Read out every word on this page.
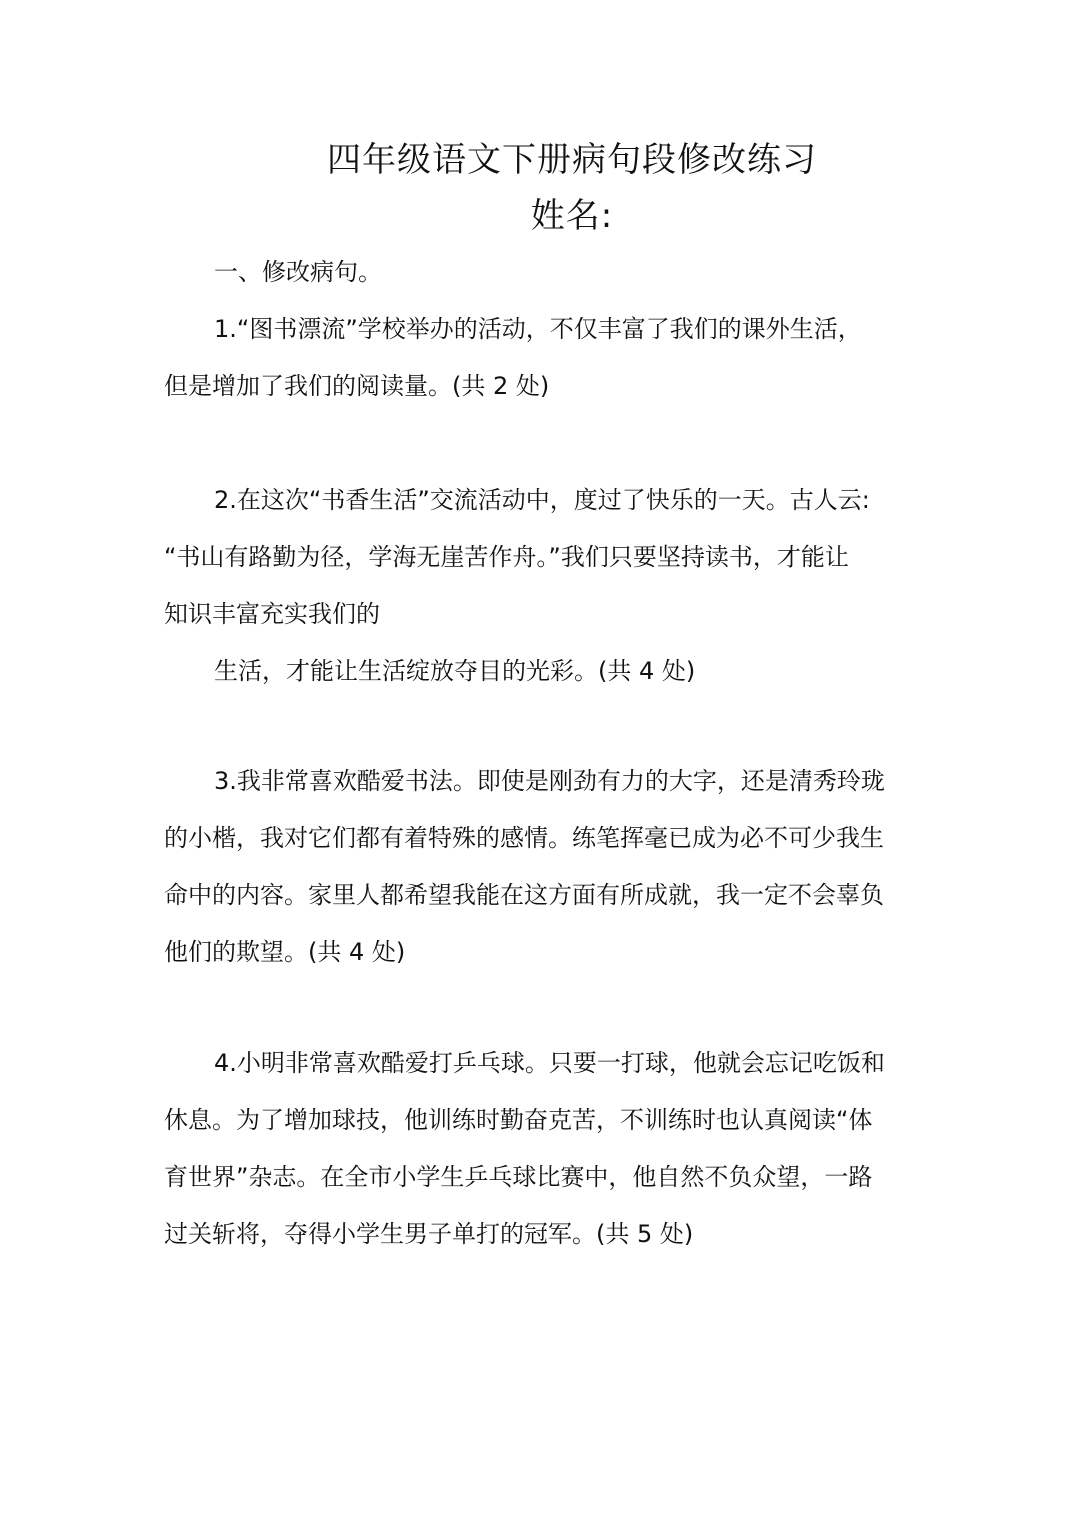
四年级语文下册病句段修改练习
姓名:
一、修改病句。
1.“图书漂流”学校举办的活动，不仅丰富了我们的课外生活，
但是增加了我们的阅读量。(共 2 处)
2.在这次“书香生活”交流活动中，度过了快乐的一天。古人云:
“书山有路勤为径，学海无崖苦作舟。”我们只要坚持读书，才能让
知识丰富充实我们的
生活，才能让生活绽放夺目的光彩。(共 4 处)
3.我非常喜欢酷爱书法。即使是刚劲有力的大字，还是清秀玲珑
的小楷，我对它们都有着特殊的感情。练笔挥毫已成为必不可少我生
命中的内容。家里人都希望我能在这方面有所成就，我一定不会辜负
他们的欺望。(共 4 处)
4.小明非常喜欢酷爱打乒乓球。只要一打球，他就会忘记吃饭和
休息。为了增加球技，他训练时勤奋克苦，不训练时也认真阅读“体
育世界”杂志。在全市小学生乒乓球比赛中，他自然不负众望，一路
过关斩将，夺得小学生男子单打的冠军。(共 5 处)
